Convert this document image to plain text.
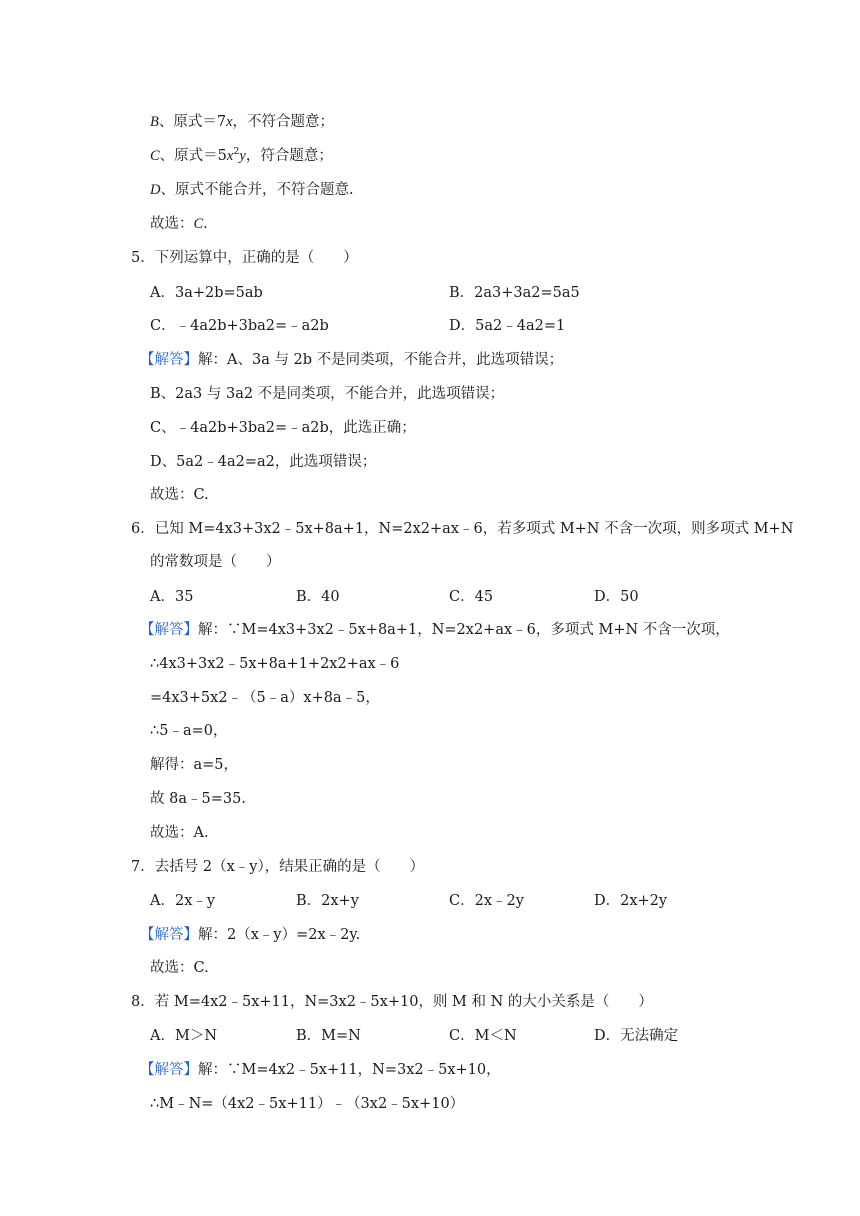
B、原式＝7x，不符合题意；
C、原式$=5x^2y$，符合题意；
D、原式不能合并，不符合题意.
故选：C.
5．下列运算中，正确的是（　　）
A．3a+2b=5ab	B．2a3+3a2=5a5
C．﹣4a2b+3ba2=﹣a2b	D．5a2﹣4a2=1
【解答】解：A、3a 与 2b 不是同类项，不能合并，此选项错误；
B、2a3 与 3a2 不是同类项，不能合并，此选项错误；
C、﹣4a2b+3ba2=﹣a2b，此选正确；
D、5a2﹣4a2=a2，此选项错误；
故选：C.
6．已知 M=4x3+3x2﹣5x+8a+1，N=2x2+ax﹣6，若多项式 M+N 不含一次项，则多项式 M+N
的常数项是（　　）
A．35	B．40	C．45	D．50
【解答】解：∵M=4x3+3x2﹣5x+8a+1，N=2x2+ax﹣6，多项式 M+N 不含一次项，
∴4x3+3x2﹣5x+8a+1+2x2+ax﹣6
=4x3+5x2﹣（5﹣a）x+8a﹣5，
∴5﹣a=0，
解得：a=5，
故 8a﹣5=35.
故选：A.
7．去括号 2（x﹣y），结果正确的是（　　）
A．2x﹣y	B．2x+y	C．2x﹣2y	D．2x+2y
【解答】解：2（x﹣y）=2x﹣2y.
故选：C.
8．若 M=4x2﹣5x+11，N=3x2﹣5x+10，则 M 和 N 的大小关系是（　　）
A．M＞N	B．M=N	C．M＜N	D．无法确定
【解答】解：∵M=4x2﹣5x+11，N=3x2﹣5x+10，
∴M﹣N=（4x2﹣5x+11）﹣（3x2﹣5x+10）
